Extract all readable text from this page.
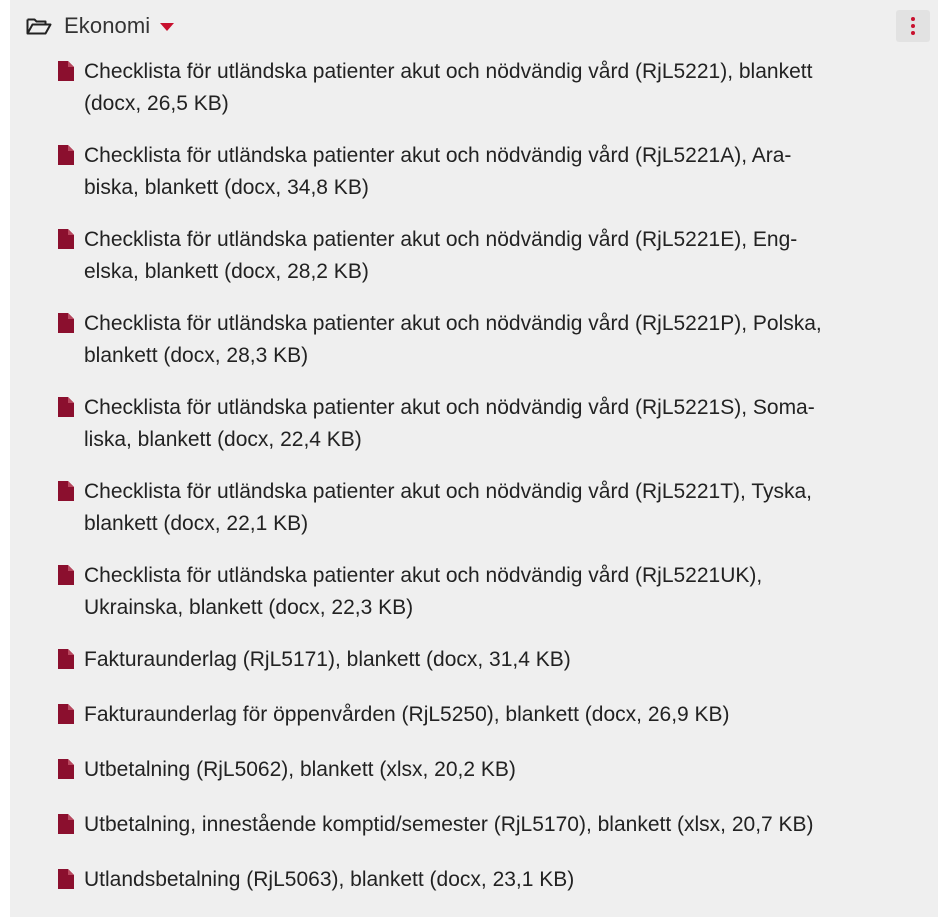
Ekonomi
Checklista för utländska patienter akut och nödvändig vård (RjL5221), blankett
(docx, 26,5 KB)
Checklista för utländska patienter akut och nödvändig vård (RjL5221A), Ara-
biska, blankett (docx, 34,8 KB)
Checklista för utländska patienter akut och nödvändig vård (RjL5221E), Eng-
elska, blankett (docx, 28,2 KB)
Checklista för utländska patienter akut och nödvändig vård (RjL5221P), Polska,
blankett (docx, 28,3 KB)
Checklista för utländska patienter akut och nödvändig vård (RjL5221S), Soma-
liska, blankett (docx, 22,4 KB)
Checklista för utländska patienter akut och nödvändig vård (RjL5221T), Tyska,
blankett (docx, 22,1 KB)
Checklista för utländska patienter akut och nödvändig vård (RjL5221UK),
Ukrainska, blankett (docx, 22,3 KB)
Fakturaunderlag (RjL5171), blankett (docx, 31,4 KB)
Fakturaunderlag för öppenvården (RjL5250), blankett (docx, 26,9 KB)
Utbetalning (RjL5062), blankett (xlsx, 20,2 KB)
Utbetalning, innestående komptid/semester (RjL5170), blankett (xlsx, 20,7 KB)
Utlandsbetalning (RjL5063), blankett (docx, 23,1 KB)
